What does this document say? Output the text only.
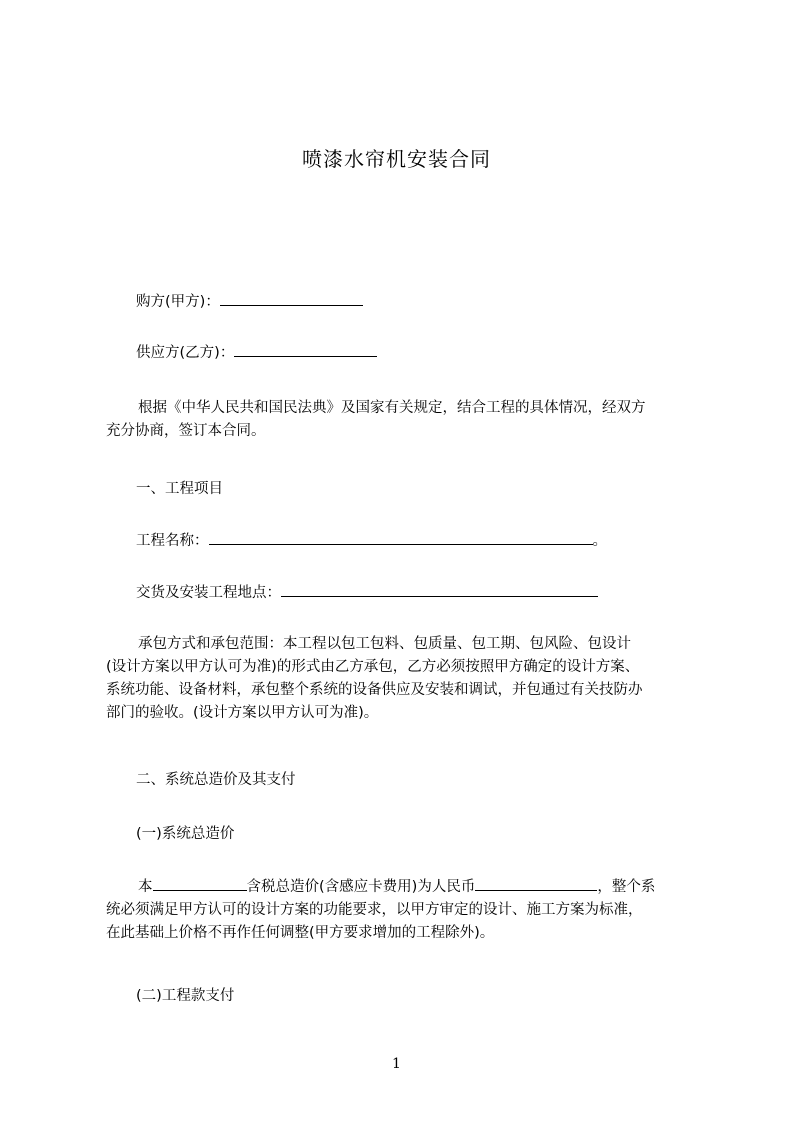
喷漆水帘机安装合同
购方(甲方)：
供应方(乙方)：
根据《中华人民共和国民法典》及国家有关规定，结合工程的具体情况，经双方
充分协商，签订本合同。
一、工程项目
工程名称：	。
交货及安装工程地点：
承包方式和承包范围：本工程以包工包料、包质量、包工期、包风险、包设计
(设计方案以甲方认可为准)的形式由乙方承包，乙方必须按照甲方确定的设计方案、
系统功能、设备材料，承包整个系统的设备供应及安装和调试，并包通过有关技防办
部门的验收。(设计方案以甲方认可为准)。
二、系统总造价及其支付
(一)系统总造价
本	含税总造价(含感应卡费用)为人民币	，整个系
统必须满足甲方认可的设计方案的功能要求，以甲方审定的设计、施工方案为标准，
在此基础上价格不再作任何调整(甲方要求增加的工程除外)。
(二)工程款支付
1
